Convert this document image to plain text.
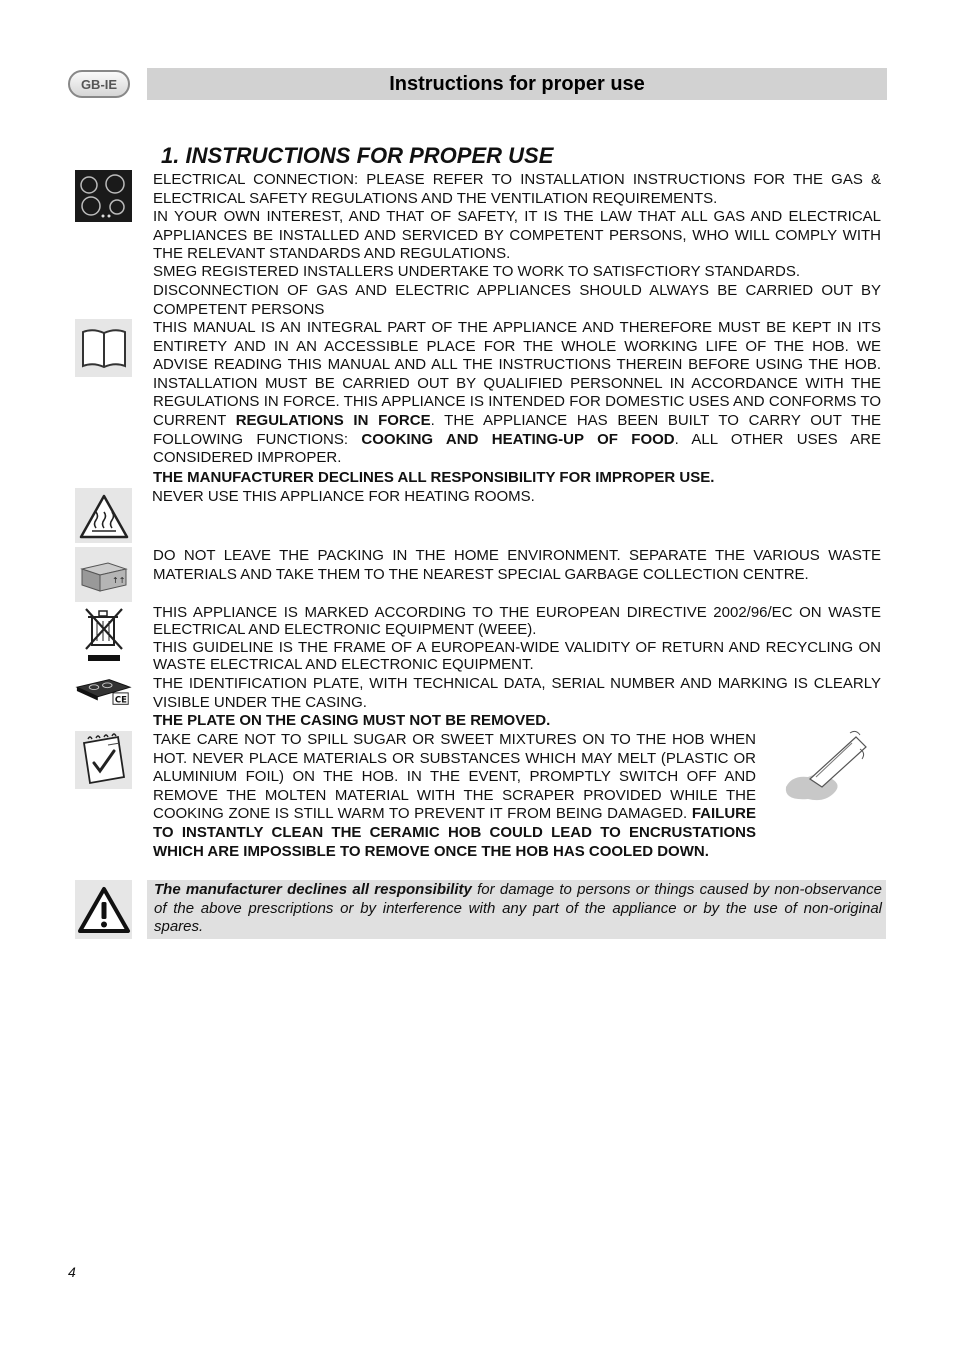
GB-IE	Instructions for proper use
1. INSTRUCTIONS FOR PROPER USE

ELECTRICAL CONNECTION: PLEASE REFER TO INSTALLATION INSTRUCTIONS FOR THE GAS & ELECTRICAL SAFETY REGULATIONS AND THE VENTILATION REQUIREMENTS.

IN YOUR OWN INTEREST, AND THAT OF SAFETY, IT IS THE LAW THAT ALL GAS AND ELECTRICAL APPLIANCES BE INSTALLED AND SERVICED BY COMPETENT PERSONS, WHO WILL COMPLY WITH THE RELEVANT STANDARDS AND REGULATIONS.

SMEG REGISTERED INSTALLERS UNDERTAKE TO WORK TO SATISFCTIORY STANDARDS.

DISCONNECTION OF GAS AND ELECTRIC APPLIANCES SHOULD ALWAYS BE CARRIED OUT BY COMPETENT PERSONS

THIS MANUAL IS AN INTEGRAL PART OF THE APPLIANCE AND THEREFORE MUST BE KEPT IN ITS ENTIRETY AND IN AN ACCESSIBLE PLACE FOR THE WHOLE WORKING LIFE OF THE HOB. WE ADVISE READING THIS MANUAL AND ALL THE INSTRUCTIONS THEREIN BEFORE USING THE HOB. INSTALLATION MUST BE CARRIED OUT BY QUALIFIED PERSONNEL IN ACCORDANCE WITH THE REGULATIONS IN FORCE. THIS APPLIANCE IS INTENDED FOR DOMESTIC USES AND CONFORMS TO CURRENT REGULATIONS IN FORCE. THE APPLIANCE HAS BEEN BUILT TO CARRY OUT THE FOLLOWING FUNCTIONS: COOKING AND HEATING-UP OF FOOD. ALL OTHER USES ARE CONSIDERED IMPROPER.

THE MANUFACTURER DECLINES ALL RESPONSIBILITY FOR IMPROPER USE.

NEVER USE THIS APPLIANCE FOR HEATING ROOMS.

↑↑

DO NOT LEAVE THE PACKING IN THE HOME ENVIRONMENT. SEPARATE THE VARIOUS WASTE MATERIALS AND TAKE THEM TO THE NEAREST SPECIAL GARBAGE COLLECTION CENTRE.

THIS APPLIANCE IS MARKED ACCORDING TO THE EUROPEAN DIRECTIVE 2002/96/EC ON WASTE ELECTRICAL AND ELECTRONIC EQUIPMENT (WEEE).

THIS GUIDELINE IS THE FRAME OF A EUROPEAN-WIDE VALIDITY OF RETURN AND RECYCLING ON WASTE ELECTRICAL AND ELECTRONIC EQUIPMENT.

CE

THE IDENTIFICATION PLATE, WITH TECHNICAL DATA, SERIAL NUMBER AND MARKING IS CLEARLY VISIBLE UNDER THE CASING.

THE PLATE ON THE CASING MUST NOT BE REMOVED.

TAKE CARE NOT TO SPILL SUGAR OR SWEET MIXTURES ON TO THE HOB WHEN HOT. NEVER PLACE MATERIALS OR SUBSTANCES WHICH MAY MELT (PLASTIC OR ALUMINIUM FOIL) ON THE HOB. IN THE EVENT, PROMPTLY SWITCH OFF AND REMOVE THE MOLTEN MATERIAL WITH THE SCRAPER PROVIDED WHILE THE COOKING ZONE IS STILL WARM TO PREVENT IT FROM BEING DAMAGED. FAILURE TO INSTANTLY CLEAN THE CERAMIC HOB COULD LEAD TO ENCRUSTATIONS WHICH ARE IMPOSSIBLE TO REMOVE ONCE THE HOB HAS COOLED DOWN.

The manufacturer declines all responsibility for damage to persons or things caused by non-observance of the above prescriptions or by interference with any part of the appliance or by the use of non-original spares.

4
